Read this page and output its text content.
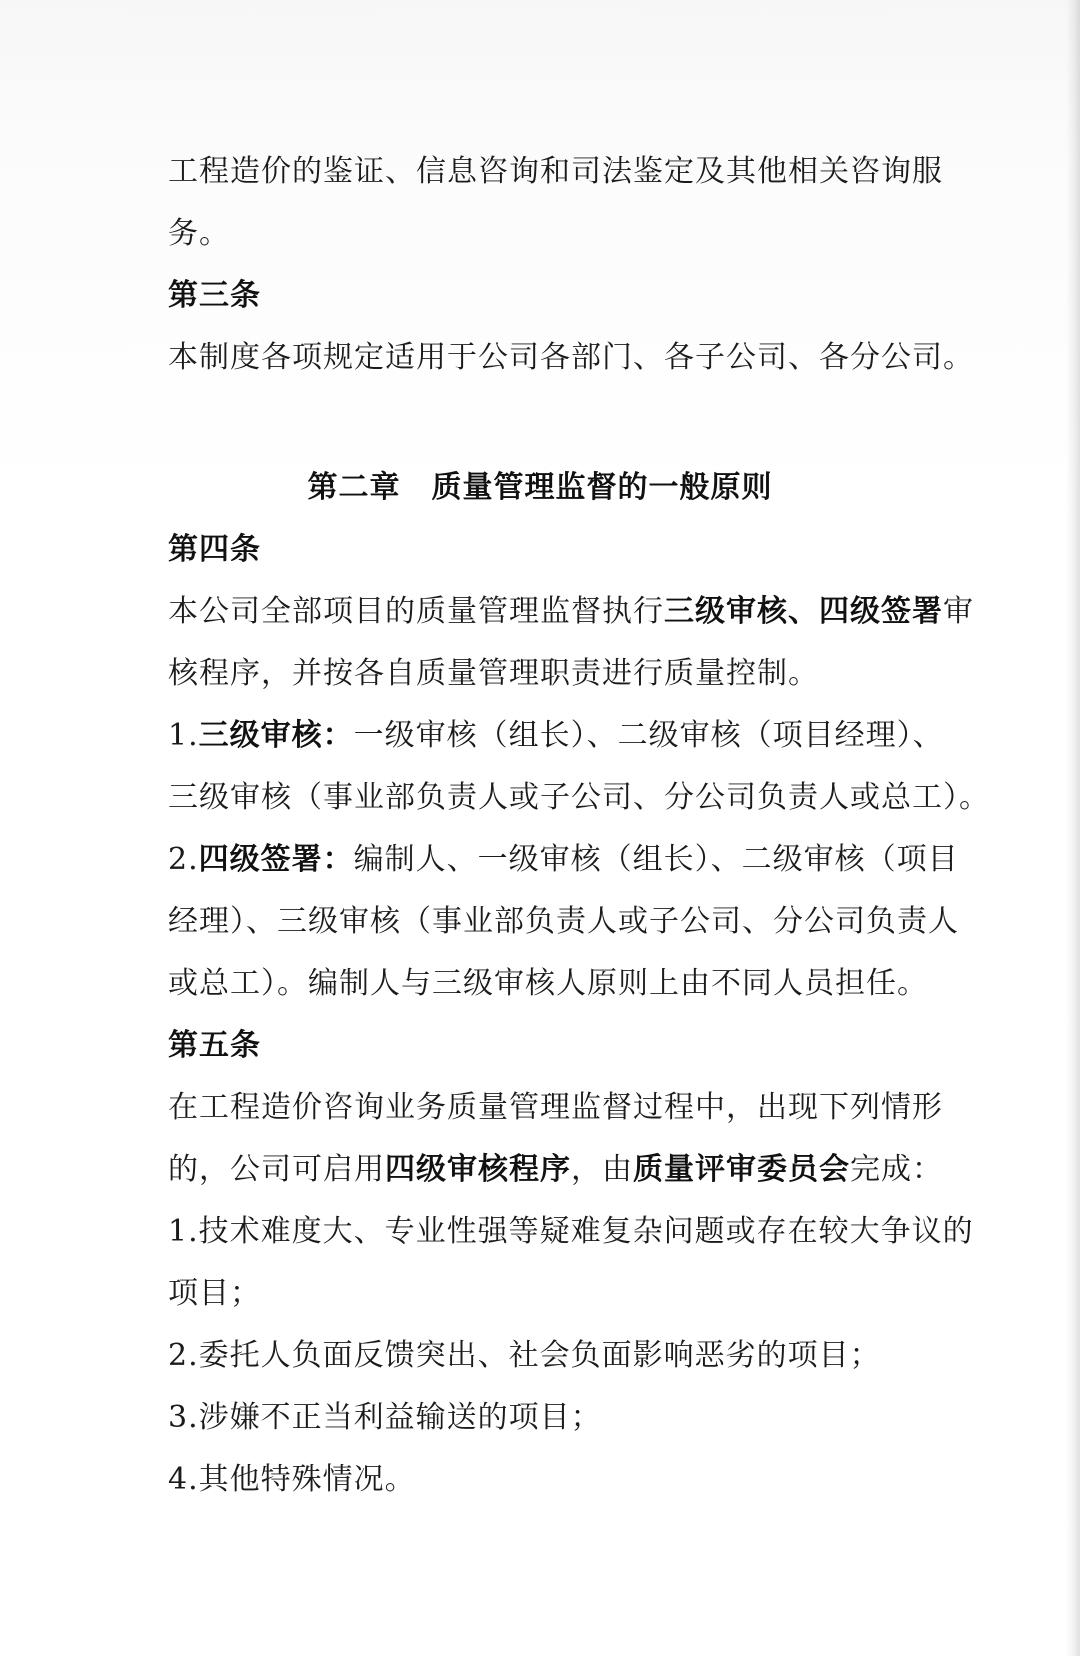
工程造价的鉴证、信息咨询和司法鉴定及其他相关咨询服
务。
第三条
本制度各项规定适用于公司各部门、各子公司、各分公司。
第四条
本公司全部项目的质量管理监督执行三级审核、四级签署审
核程序，并按各自质量管理职责进行质量控制。
1.三级审核：一级审核（组长）、二级审核（项目经理）、
三级审核（事业部负责人或子公司、分公司负责人或总工）。
2.四级签署：编制人、一级审核（组长）、二级审核（项目
经理）、三级审核（事业部负责人或子公司、分公司负责人
或总工）。编制人与三级审核人原则上由不同人员担任。
第五条
在工程造价咨询业务质量管理监督过程中，出现下列情形
的，公司可启用四级审核程序，由质量评审委员会完成：
1.技术难度大、专业性强等疑难复杂问题或存在较大争议的
项目；
2.委托人负面反馈突出、社会负面影响恶劣的项目；
3.涉嫌不正当利益输送的项目；
4.其他特殊情况。
第二章　 质量管理监督的一般原则
